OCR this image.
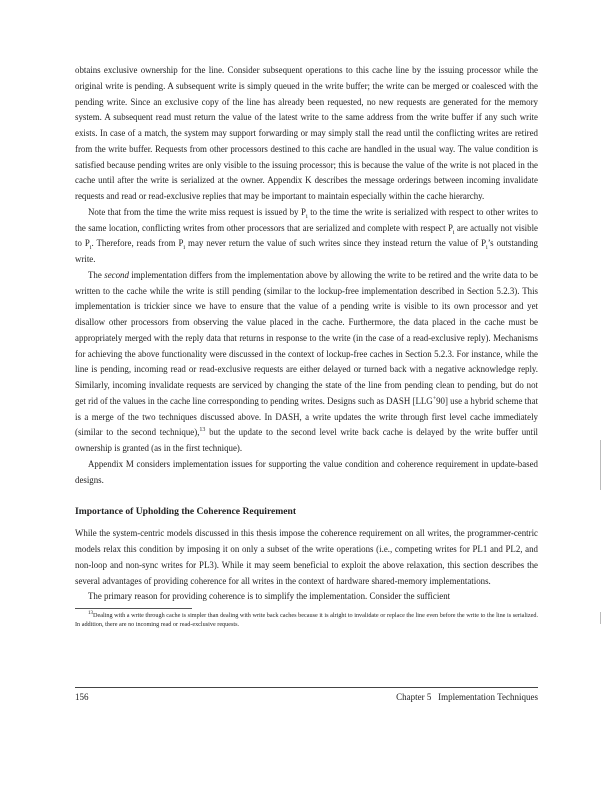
obtains exclusive ownership for the line. Consider subsequent operations to this cache line by the issuing processor while the original write is pending. A subsequent write is simply queued in the write buffer; the write can be merged or coalesced with the pending write. Since an exclusive copy of the line has already been requested, no new requests are generated for the memory system. A subsequent read must return the value of the latest write to the same address from the write buffer if any such write exists. In case of a match, the system may support forwarding or may simply stall the read until the conflicting writes are retired from the write buffer. Requests from other processors destined to this cache are handled in the usual way. The value condition is satisfied because pending writes are only visible to the issuing processor; this is because the value of the write is not placed in the cache until after the write is serialized at the owner. Appendix K describes the message orderings between incoming invalidate requests and read or read-exclusive replies that may be important to maintain especially within the cache hierarchy.

Note that from the time the write miss request is issued by $P_i$ to the time the write is serialized with respect to other writes to the same location, conflicting writes from other processors that are serialized and complete with respect $P_i$ are actually not visible to $P_i$. Therefore, reads from $P_i$ may never return the value of such writes since they instead return the value of $P_i’s$ outstanding write.

The second implementation differs from the implementation above by allowing the write to be retired and the write data to be written to the cache while the write is still pending (similar to the lockup-free implementation described in Section 5.2.3). This implementation is trickier since we have to ensure that the value of a pending write is visible to its own processor and yet disallow other processors from observing the value placed in the cache. Furthermore, the data placed in the cache must be appropriately merged with the reply data that returns in response to the write (in the case of a read-exclusive reply). Mechanisms for achieving the above functionality were discussed in the context of lockup-free caches in Section 5.2.3. For instance, while the line is pending, incoming read or read-exclusive requests are either delayed or turned back with a negative acknowledge reply. Similarly, incoming invalidate requests are serviced by changing the state of the line from pending clean to pending, but do not get rid of the values in the cache line corresponding to pending writes. Designs such as DASH [LLG+90] use a hybrid scheme that is a merge of the two techniques discussed above. In DASH, a write updates the write through first level cache immediately (similar to the second technique),$^{13}$ but the update to the second level write back cache is delayed by the write buffer until ownership is granted (as in the first technique).

Appendix M considers implementation issues for supporting the value condition and coherence requirement in update-based designs.

Importance of Upholding the Coherence Requirement

While the system-centric models discussed in this thesis impose the coherence requirement on all writes, the programmer-centric models relax this condition by imposing it on only a subset of the write operations (i.e., competing writes for PL1 and PL2, and non-loop and non-sync writes for PL3). While it may seem beneficial to exploit the above relaxation, this section describes the several advantages of providing coherence for all writes in the context of hardware shared-memory implementations.

The primary reason for providing coherence is to simplify the implementation. Consider the sufficient

$^{13}$Dealing with a write through cache is simpler than dealing with write back caches because it is alright to invalidate or replace the line even before the write to the line is serialized. In addition, there are no incoming read or read-exclusive requests.

156	Chapter 5   Implementation Techniques
